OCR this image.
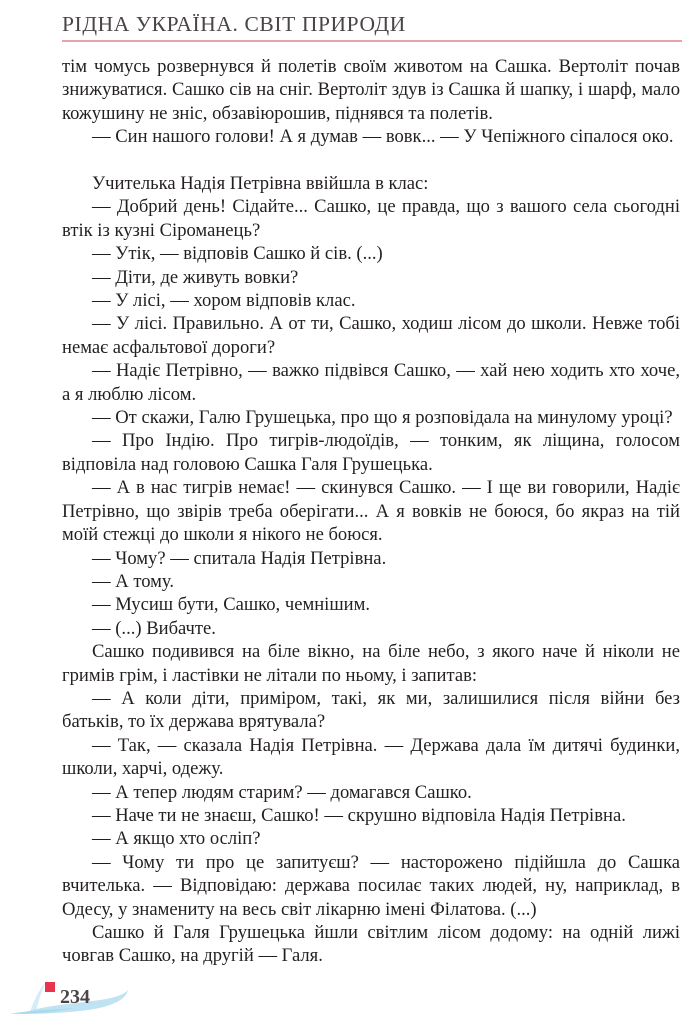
РІДНА УКРАЇНА. СВІТ ПРИРОДИ

тім чомусь розвернувся й полетів своїм животом на Сашка. Вертоліт почав знижуватися. Сашко сів на сніг. Вертоліт здув із Сашка й шапку, і шарф, мало кожушину не зніс, обзавіюрошив, піднявся та полетів.

— Син нашого голови! А я думав — вовк... — У Чепіжного сіпалося око.

Учителька Надія Петрівна ввійшла в клас:

— Добрий день! Сідайте... Сашко, це правда, що з вашого села сьогодні втік із кузні Сіроманець?

— Утік, — відповів Сашко й сів. (...)

— Діти, де живуть вовки?

— У лісі, — хором відповів клас.

— У лісі. Правильно. А от ти, Сашко, ходиш лісом до школи. Невже тобі немає асфальтової дороги?

— Надіє Петрівно, — важко підвівся Сашко, — хай нею ходить хто хоче, а я люблю лісом.

— От скажи, Галю Грушецька, про що я розповідала на минулому уроці?

— Про Індію. Про тигрів-людоїдів, — тонким, як ліщина, голосом відповіла над головою Сашка Галя Грушецька.

— А в нас тигрів немає! — скинувся Сашко. — І ще ви говорили, Надіє Петрівно, що звірів треба оберігати... А я вовків не боюся, бо якраз на тій моїй стежці до школи я нікого не боюся.

— Чому? — спитала Надія Петрівна.

— А тому.

— Мусиш бути, Сашко, чемнішим.

— (...) Вибачте.

Сашко подивився на біле вікно, на біле небо, з якого наче й ніколи не гримів грім, і ластівки не літали по ньому, і запитав:

— А коли діти, приміром, такі, як ми, залишилися після війни без батьків, то їх держава врятувала?

— Так, — сказала Надія Петрівна. — Держава дала їм дитячі будинки, школи, харчі, одежу.

— А тепер людям старим? — домагався Сашко.

— Наче ти не знаєш, Сашко! — скрушно відповіла Надія Петрівна.

— А якщо хто осліп?

— Чому ти про це запитуєш? — насторожено підійшла до Сашка вчителька. — Відповідаю: держава посилає таких людей, ну, наприклад, в Одесу, у знамениту на весь світ лікарню імені Філатова. (...)

Сашко й Галя Грушецька йшли світлим лісом додому: на одній лижі човгав Сашко, на другій — Галя.

234
